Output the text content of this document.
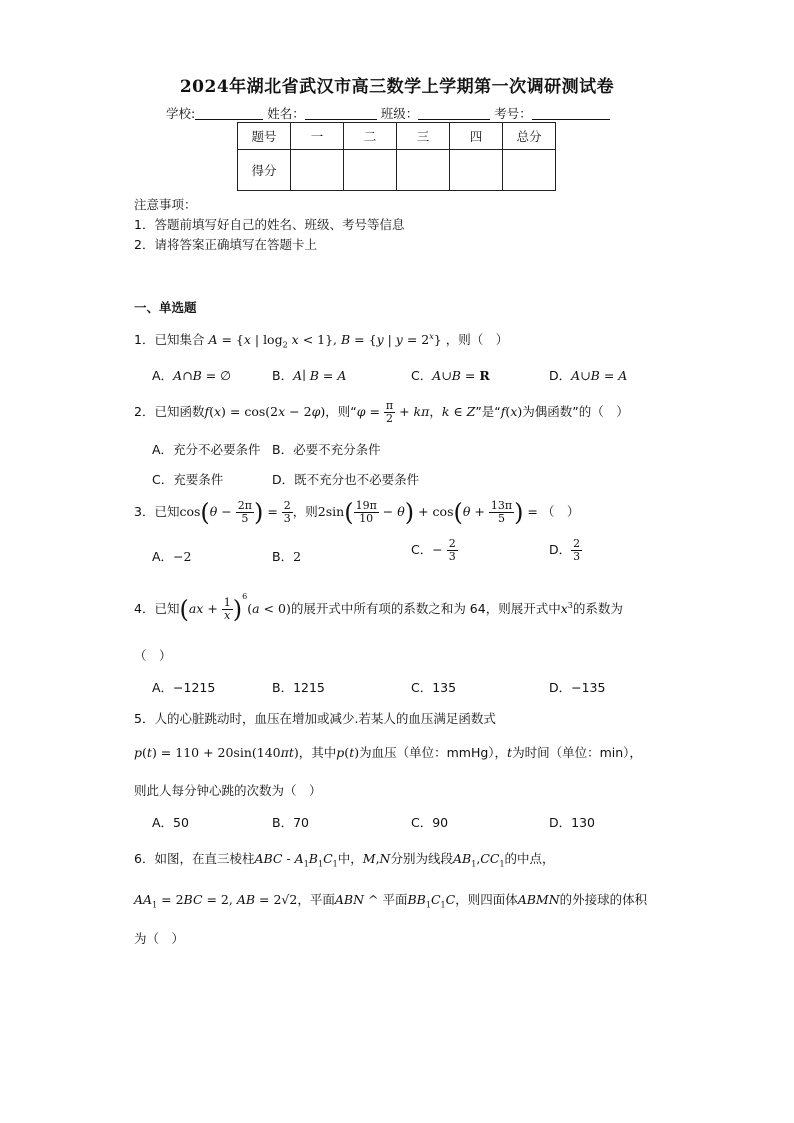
2024年湖北省武汉市高三数学上学期第一次调研测试卷
学校:	姓名：	班级：	考号：
题号	一	二	三	四	总分
得分					
注意事项：
1．答题前填写好自己的姓名、班级、考号等信息
2．请将答案正确填写在答题卡上
一、单选题
1．已知集合 A = {x | $\log_2 x < 1$}, B = {y | $y = 2^x$} ，则（　）
A．A∩B = ∅	B．A∣ B = A	C．A∪B = R	D．A∪B = A
2．已知函数f(x) = cos(2x − 2φ)，则“$\varphi = \frac{\pi}{2} + k\pi$，k ∈ Z”是“f(x)为偶函数”的（　）
A．充分不必要条件 B．必要不充分条件
C．充要条件	D．既不充分也不必要条件
3．已知$\cos(\theta - \frac{2\pi}{5}$ ) = $\frac{2}{3}$ ，则$2\sin( \frac{19\pi}{10} - \theta) + \cos(\theta + \frac{13\pi}{5}$ ) = （　）
A．−2	B．2	C．− $\frac{2}{3}$	D． $\frac{2}{3}$
4．已知$(ax + \frac{1}{x} )^6(a < 0)$的展开式中所有项的系数之和为 64，则展开式中$x^3$的系数为
（　）
A．−1215	B．1215	C．135	D．−135
5．人的心脏跳动时，血压在增加或减少.若某人的血压满足函数式
p(t) = 110 + 20sin(140πt)，其中p(t)为血压（单位：mmHg），t为时间（单位：min），
则此人每分钟心跳的次数为（　）
A．50	B．70	C．90	D．130
6．如图，在直三棱柱ABC - $A_1B_1C_1$中，M,N分别为线段$AB_1,CC_1$的中点，
$AA_1 = 2BC = 2$, AB = 2√2，平面ABN ^ 平面$BB_1C_1C$，则四面体ABMN的外接球的体积
为（　）
